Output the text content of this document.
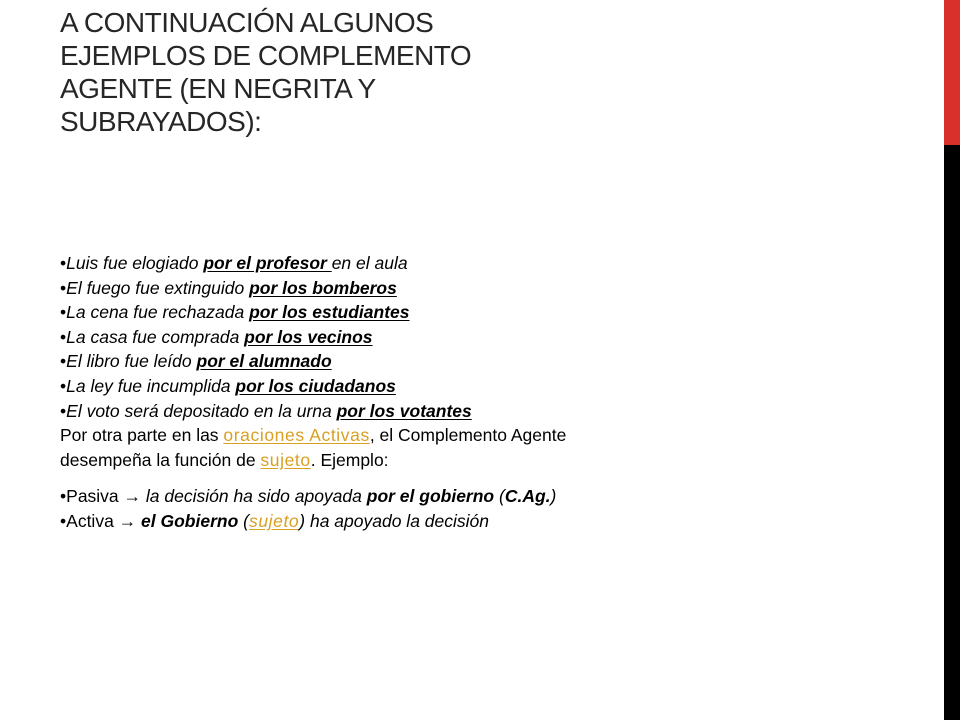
A CONTINUACIÓN ALGUNOS
EJEMPLOS DE COMPLEMENTO
AGENTE (EN NEGRITA Y
SUBRAYADOS):
•Luis fue elogiado por el profesor en el aula
•El fuego fue extinguido por los bomberos
•La cena fue rechazada por los estudiantes
•La casa fue comprada por los vecinos
•El libro fue leído por el alumnado
•La ley fue incumplida por los ciudadanos
•El voto será depositado en la urna por los votantes
Por otra parte en las oraciones Activas, el Complemento Agente
desempeña la función de sujeto. Ejemplo:
•Pasiva → la decisión ha sido apoyada por el gobierno (C.Ag.)
•Activa → el Gobierno (sujeto) ha apoyado la decisión
